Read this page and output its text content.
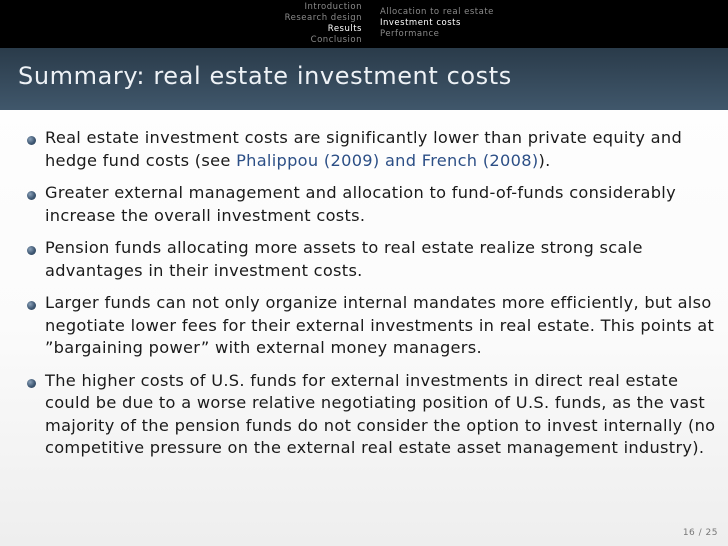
Introduction
Research design
Results
Conclusion
Allocation to real estate
Investment costs
Performance
Summary: real estate investment costs
Real estate investment costs are significantly lower than private equity and hedge fund costs (see Phalippou (2009) and French (2008)).
Greater external management and allocation to fund-of-funds considerably increase the overall investment costs.
Pension funds allocating more assets to real estate realize strong scale advantages in their investment costs.
Larger funds can not only organize internal mandates more efficiently, but also negotiate lower fees for their external investments in real estate. This points at ”bargaining power” with external money managers.
The higher costs of U.S. funds for external investments in direct real estate could be due to a worse relative negotiating position of U.S. funds, as the vast majority of the pension funds do not consider the option to invest internally (no competitive pressure on the external real estate asset management industry).
16 / 25
